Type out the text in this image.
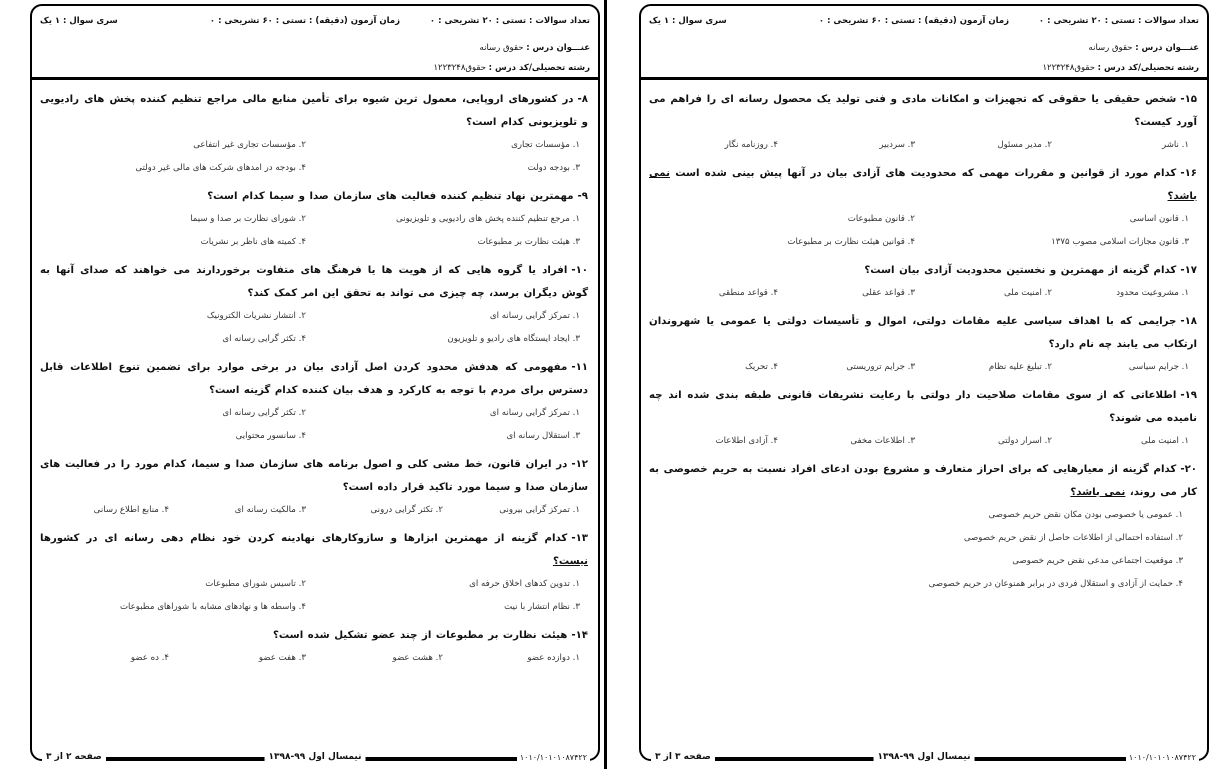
تعداد سوالات : تستی : ۲۰ تشریحی : ۰
زمان آزمون (دقیقه) : تستی : ۶۰ تشریحی : ۰
سری سوال : ۱ یک
عنـــوان درس : حقوق رسانه
رشته تحصیلی/کد درس : حقوق۱۲۲۳۲۴۸
۸-در کشورهای اروپایی، معمول ترین شیوه برای تأمین منابع مالی مراجع تنظیم کننده پخش های رادیویی و تلویزیونی کدام است؟
۱. مؤسسات تجاری
۲. مؤسسات تجاری غیر انتفاعی
۳. بودجه دولت
۴. بودجه در امدهای شرکت های مالی غیر دولتی
۹-مهمترین نهاد تنظیم کننده فعالیت های سازمان صدا و سیما کدام است؟
۱. مرجع تنظیم کننده پخش های رادیویی و تلویزیونی
۲. شورای نظارت بر صدا و سیما
۳. هیئت نظارت بر مطبوعات
۴. کمیته های ناظر بر نشریات
۱۰-افراد یا گروه هایی که از هویت ها یا فرهنگ های متفاوت برخوردارند می خواهند که صدای آنها به گوش دیگران برسد، چه چیزی می تواند به تحقق این امر کمک کند؟
۱. تمرکز گرایی رسانه ای
۲. انتشار نشریات الکترونیک
۳. ایجاد ایستگاه های رادیو و تلویزیون
۴. تکثر گرایی رسانه ای
۱۱-مفهومی که هدفش محدود کردن اصل آزادی بیان در برخی موارد برای تضمین تنوع اطلاعات قابل دسترس برای مردم با توجه به کارکرد و هدف بیان کننده کدام گزینه است؟
۱. تمرکز گرایی رسانه ای
۲. تکثر گرایی رسانه ای
۳. استقلال رسانه ای
۴. سانسور محتوایی
۱۲-در ایران قانون، خط مشی کلی و اصول برنامه های سازمان صدا و سیما، کدام مورد را در فعالیت های سازمان صدا و سیما مورد تاکید قرار داده است؟
۱. تمرکز گرایی بیرونی
۲. تکثر گرایی درونی
۳. مالکیت رسانه ای
۴. منابع اطلاع رسانی
۱۳-کدام گزینه از مهمترین ابزارها و سازوکارهای نهادینه کردن خود نظام دهی رسانه ای در کشورها نیست؟
۱. تدوین کدهای اخلاق حرفه ای
۲. تاسیس شورای مطبوعات
۳. نظام انتشار با نیت
۴. واسطه ها و نهادهای مشابه با شوراهای مطبوعات
۱۴-هیئت نظارت بر مطبوعات از چند عضو تشکیل شده است؟
۱. دوازده عضو
۲. هشت عضو
۳. هفت عضو
۴. ده عضو
۱۰۱۰/۱۰۱۰۱۰۸۷۴۲۲
نیمسال اول ۹۹-۱۳۹۸
صفحه ۲ از ۳
تعداد سوالات : تستی : ۲۰ تشریحی : ۰
زمان آزمون (دقیقه) : تستی : ۶۰ تشریحی : ۰
سری سوال : ۱ یک
عنـــوان درس : حقوق رسانه
رشته تحصیلی/کد درس : حقوق۱۲۲۳۲۴۸
۱۵-شخص حقیقی یا حقوقی که تجهیزات و امکانات مادی و فنی تولید یک محصول رسانه ای را فراهم می آورد کیست؟
۱. ناشر
۲. مدیر مسئول
۳. سردبیر
۴. روزنامه نگار
۱۶-کدام مورد از قوانین و مقررات مهمی که محدودیت های آزادی بیان در آنها پیش بینی شده است نمی باشد؟
۱. قانون اساسی
۲. قانون مطبوعات
۳. قانون مجازات اسلامی مصوب ۱۳۷۵
۴. قوانین هیئت نظارت بر مطبوعات
۱۷-کدام گزینه از مهمترین و نخستین محدودیت آزادی بیان است؟
۱. مشروعیت محدود
۲. امنیت ملی
۳. قواعد عقلی
۴. قواعد منطقی
۱۸-جرایمی که با اهداف سیاسی علیه مقامات دولتی، اموال و تأسیسات دولتی یا عمومی یا شهروندان ارتکاب می یابند چه نام دارد؟
۱. جرایم سیاسی
۲. تبلیغ علیه نظام
۳. جرایم تروریستی
۴. تحریک
۱۹-اطلاعاتی که از سوی مقامات صلاحیت دار دولتی با رعایت تشریفات قانونی طبقه بندی شده اند چه نامیده می شوند؟
۱. امنیت ملی
۲. اسرار دولتی
۳. اطلاعات مخفی
۴. آزادی اطلاعات
۲۰-کدام گزینه از معیارهایی که برای احراز متعارف و مشروع بودن ادعای افراد نسبت به حریم خصوصی به کار می روند، نمی باشد؟
۱. عمومی یا خصوصی بودن مکان نقض حریم خصوصی
۲. استفاده احتمالی از اطلاعات حاصل از نقض حریم خصوصی
۳. موقعیت اجتماعی مدعی نقض حریم خصوصی
۴. حمایت از آزادی و استقلال فردی در برابر همنوعان در حریم خصوصی
۱۰۱۰/۱۰۱۰۱۰۸۷۴۲۲
نیمسال اول ۹۹-۱۳۹۸
صفحه ۳ از ۳
